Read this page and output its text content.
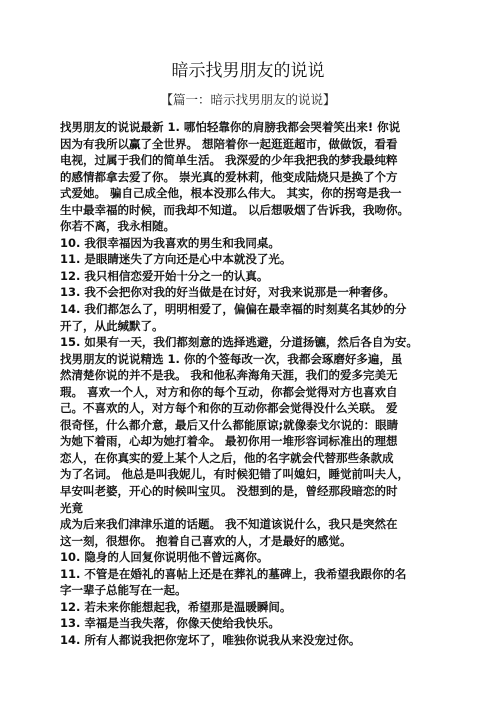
暗示找男朋友的说说
【篇一：暗示找男朋友的说说】
找男朋友的说说最新 1. 哪怕轻靠你的肩膀我都会哭着笑出来! 你说
因为有我所以赢了全世界。 想陪着你一起逛逛超市，做做饭，看看
电视，过属于我们的简单生活。 我深爱的少年我把我的梦我最纯粹
的感情都拿去爱了你。 崇光真的爱林莉，他变成陆烧只是换了个方
式爱她。 骗自己成全他，根本没那么伟大。 其实，你的拐弯是我一
生中最幸福的时候，而我却不知道。 以后想吸烟了告诉我，我吻你。
你若不离，我永相随。
10. 我很幸福因为我喜欢的男生和我同桌。
11. 是眼睛迷失了方向还是心中本就没了光。
12. 我只相信恋爱开始十分之一的认真。
13. 我不会把你对我的好当做是在讨好，对我来说那是一种奢侈。
14. 我们都怎么了，明明相爱了，偏偏在最幸福的时刻莫名其妙的分
开了，从此缄默了。
15. 如果有一天，我们都刻意的选择逃避，分道扬镳，然后各自为安。
找男朋友的说说精选 1. 你的个签每改一次，我都会琢磨好多遍，虽
然清楚你说的并不是我。 我和他私奔海角天涯，我们的爱多完美无
瑕。 喜欢一个人，对方和你的每个互动，你都会觉得对方也喜欢自
己。不喜欢的人，对方每个和你的互动你都会觉得没什么关联。 爱
很奇怪，什么都介意，最后又什么都能原谅;就像泰戈尔说的：眼睛
为她下着雨，心却为她打着伞。 最初你用一堆形容词标准出的理想
恋人，在你真实的爱上某个人之后，他的名字就会代替那些条款成
为了名词。 他总是叫我妮儿，有时候犯错了叫媳妇，睡觉前叫夫人，
早安叫老婆，开心的时候叫宝贝。 没想到的是，曾经那段暗恋的时
光竟
成为后来我们津津乐道的话题。 我不知道该说什么，我只是突然在
这一刻，很想你。 抱着自己喜欢的人，才是最好的感觉。
10. 隐身的人回复你说明他不曾远离你。
11. 不管是在婚礼的喜帖上还是在葬礼的墓碑上，我希望我跟你的名
字一辈子总能写在一起。
12. 若未来你能想起我，希望那是温暖瞬间。
13. 幸福是当我失落，你像天使给我快乐。
14. 所有人都说我把你宠坏了，唯独你说我从来没宠过你。
